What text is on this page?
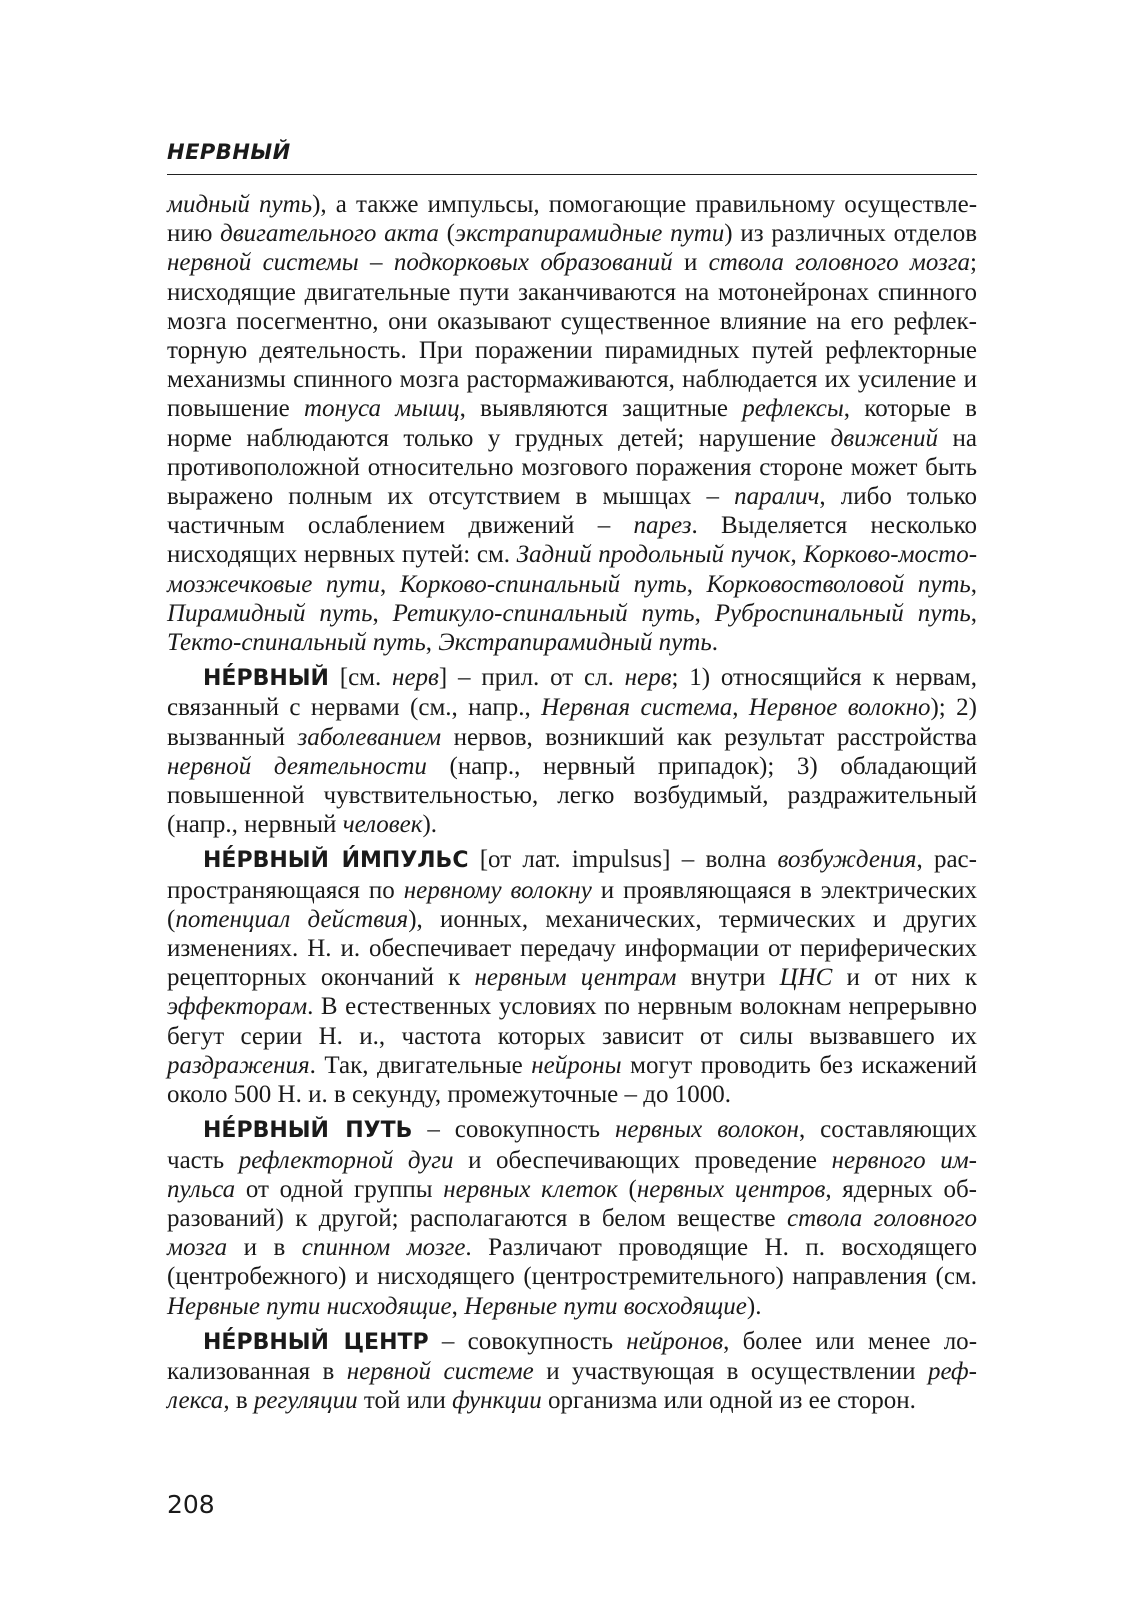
НЕРВНЫЙ

мидный путь), а также импульсы, помогающие правильному осуществлению двигательного акта (экстрапирамидные пути) из различных отделов нервной системы – подкорковых образований и ствола головного мозга; нисходящие двигательные пути заканчиваются на мотонейронах спинного мозга посегментно, они оказывают существенное влияние на его рефлекторную деятельность. При поражении пирамидных путей рефлекторные механизмы спинного мозга растормаживаются, наблюдается их усиление и повышение тонуса мышц, выявляются защитные рефлексы, которые в норме наблюдаются только у грудных детей; нарушение движений на противоположной относительно мозгового поражения стороне может быть выражено полным их отсутствием в мышцах – паралич, либо только частичным ослаблением движений – парез. Выделяется несколько нисходящих нервных путей: см. Задний продольный пучок, Корково-мосто-мозжечковые пути, Корково-спинальный путь, Корковостволовой путь, Пирамидный путь, Ретикуло-спинальный путь, Руброспинальный путь, Текто-спинальный путь, Экстрапирамидный путь.

НЕ́РВНЫЙ [см. нерв] – прил. от сл. нерв; 1) относящийся к нервам, связанный с нервами (см., напр., Нервная система, Нервное волокно); 2) вызванный заболеванием нервов, возникший как результат расстройства нервной деятельности (напр., нервный припадок); 3) обладающий повышенной чувствительностью, легко возбудимый, раздражительный (напр., нервный человек).

НЕ́РВНЫЙ И́МПУЛЬС [от лат. impulsus] – волна возбуждения, распространяющаяся по нервному волокну и проявляющаяся в электрических (потенциал действия), ионных, механических, термических и других изменениях. Н. и. обеспечивает передачу информации от периферических рецепторных окончаний к нервным центрам внутри ЦНС и от них к эффекторам. В естественных условиях по нервным волокнам непрерывно бегут серии Н. и., частота которых зависит от силы вызвавшего их раздражения. Так, двигательные нейроны могут проводить без искажений около 500 Н. и. в секунду, промежуточные – до 1000.

НЕ́РВНЫЙ ПУТЬ – совокупность нервных волокон, составляющих часть рефлекторной дуги и обеспечивающих проведение нервного импульса от одной группы нервных клеток (нервных центров, ядерных образований) к другой; располагаются в белом веществе ствола головного мозга и в спинном мозге. Различают проводящие Н. п. восходящего (центробежного) и нисходящего (центростремительного) направления (см. Нервные пути нисходящие, Нервные пути восходящие).

НЕ́РВНЫЙ ЦЕНТР – совокупность нейронов, более или менее локализованная в нервной системе и участвующая в осуществлении рефлекса, в регуляции той или функции организма или одной из ее сторон.

208
